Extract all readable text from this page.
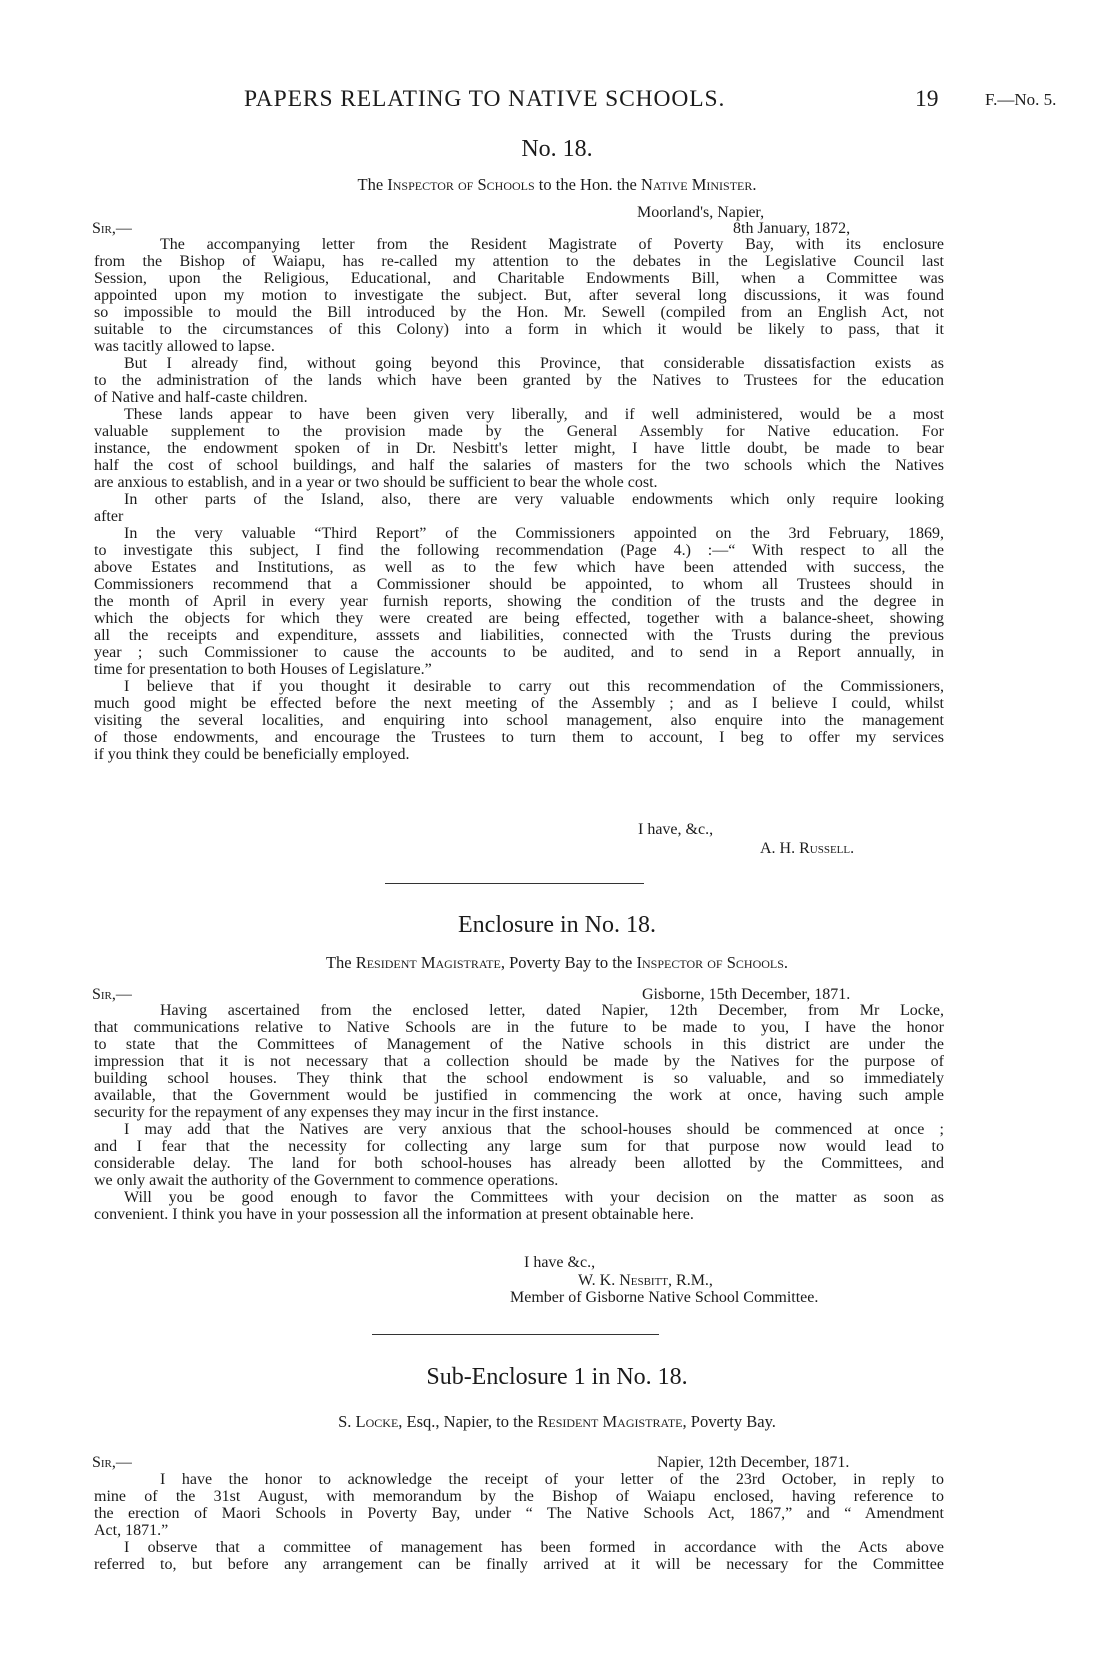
PAPERS RELATING TO NATIVE SCHOOLS.	19	F.—No. 5.
No. 18.
The Inspector of Schools to the Hon. the Native Minister.
Moorland's, Napier,
Sir,—	8th January, 1872,
The accompanying letter from the Resident Magistrate of Poverty Bay, with its enclosure
from the Bishop of Waiapu, has re-called my attention to the debates in the Legislative Council last
Session, upon the Religious, Educational, and Charitable Endowments Bill, when a Committee was
appointed upon my motion to investigate the subject. But, after several long discussions, it was found
so impossible to mould the Bill introduced by the Hon. Mr. Sewell (compiled from an English Act, not
suitable to the circumstances of this Colony) into a form in which it would be likely to pass, that it
was tacitly allowed to lapse.
But I already find, without going beyond this Province, that considerable dissatisfaction exists as
to the administration of the lands which have been granted by the Natives to Trustees for the education
of Native and half-caste children.
These lands appear to have been given very liberally, and if well administered, would be a most
valuable supplement to the provision made by the General Assembly for Native education. For
instance, the endowment spoken of in Dr. Nesbitt's letter might, I have little doubt, be made to bear
half the cost of school buildings, and half the salaries of masters for the two schools which the Natives
are anxious to establish, and in a year or two should be sufficient to bear the whole cost.
In other parts of the Island, also, there are very valuable endowments which only require looking
after
In the very valuable “Third Report” of the Commissioners appointed on the 3rd February, 1869,
to investigate this subject, I find the following recommendation (Page 4.) :—“ With respect to all the
above Estates and Institutions, as well as to the few which have been attended with success, the
Commissioners recommend that a Commissioner should be appointed, to whom all Trustees should in
the month of April in every year furnish reports, showing the condition of the trusts and the degree in
which the objects for which they were created are being effected, together with a balance-sheet, showing
all the receipts and expenditure, asssets and liabilities, connected with the Trusts during the previous
year ; such Commissioner to cause the accounts to be audited, and to send in a Report annually, in
time for presentation to both Houses of Legislature.”
I believe that if you thought it desirable to carry out this recommendation of the Commissioners,
much good might be effected before the next meeting of the Assembly ; and as I believe I could, whilst
visiting the several localities, and enquiring into school management, also enquire into the management
of those endowments, and encourage the Trustees to turn them to account, I beg to offer my services
if you think they could be beneficially employed.
I have, &c.,
A. H. Russell.
Enclosure in No. 18.
The Resident Magistrate, Poverty Bay to the Inspector of Schools.
Sir,—	Gisborne, 15th December, 1871.
Having ascertained from the enclosed letter, dated Napier, 12th December, from Mr Locke,
that communications relative to Native Schools are in the future to be made to you, I have the honor
to state that the Committees of Management of the Native schools in this district are under the
impression that it is not necessary that a collection should be made by the Natives for the purpose of
building school houses. They think that the school endowment is so valuable, and so immediately
available, that the Government would be justified in commencing the work at once, having such ample
security for the repayment of any expenses they may incur in the first instance.
I may add that the Natives are very anxious that the school-houses should be commenced at once ;
and I fear that the necessity for collecting any large sum for that purpose now would lead to
considerable delay. The land for both school-houses has already been allotted by the Committees, and
we only await the authority of the Government to commence operations.
Will you be good enough to favor the Committees with your decision on the matter as soon as
convenient. I think you have in your possession all the information at present obtainable here.
I have &c.,
W. K. Nesbitt, R.M.,
Member of Gisborne Native School Committee.
Sub-Enclosure 1 in No. 18.
S. Locke, Esq., Napier, to the Resident Magistrate, Poverty Bay.
Sir,—	Napier, 12th December, 1871.
I have the honor to acknowledge the receipt of your letter of the 23rd October, in reply to
mine of the 31st August, with memorandum by the Bishop of Waiapu enclosed, having reference to
the erection of Maori Schools in Poverty Bay, under “ The Native Schools Act, 1867,” and “ Amendment
Act, 1871.”
I observe that a committee of management has been formed in accordance with the Acts above
referred to, but before any arrangement can be finally arrived at it will be necessary for the Committee
